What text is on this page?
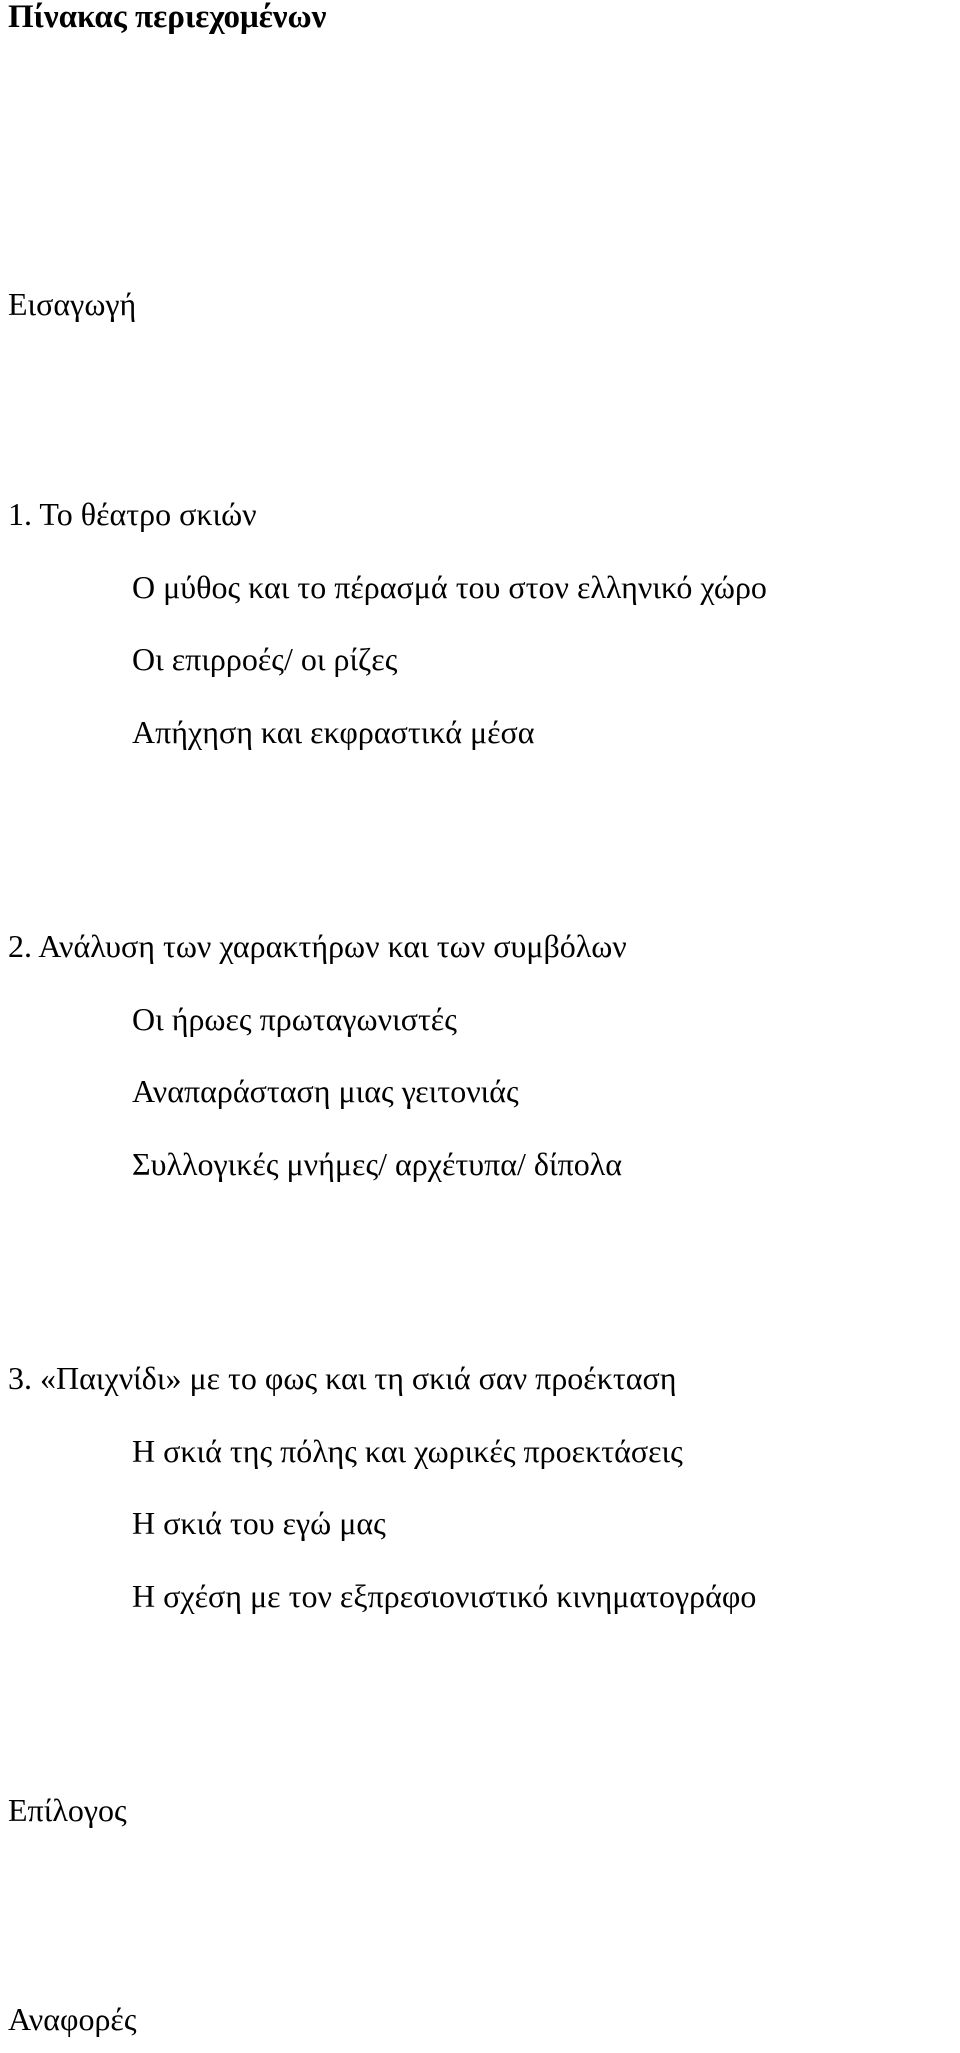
Πίνακας περιεχομένων
Εισαγωγή
1. Το θέατρο σκιών
Ο μύθος και το πέρασμά του στον ελληνικό χώρο
Οι επιρροές/ οι ρίζες
Απήχηση και εκφραστικά μέσα
2. Ανάλυση των χαρακτήρων και των συμβόλων
Οι ήρωες πρωταγωνιστές
Αναπαράσταση μιας γειτονιάς
Συλλογικές μνήμες/ αρχέτυπα/ δίπολα
3. «Παιχνίδι» με το φως και τη σκιά σαν προέκταση
Η σκιά της πόλης και χωρικές προεκτάσεις
Η σκιά του εγώ μας
Η σχέση με τον εξπρεσιονιστικό κινηματογράφο
Επίλογος
Αναφορές
